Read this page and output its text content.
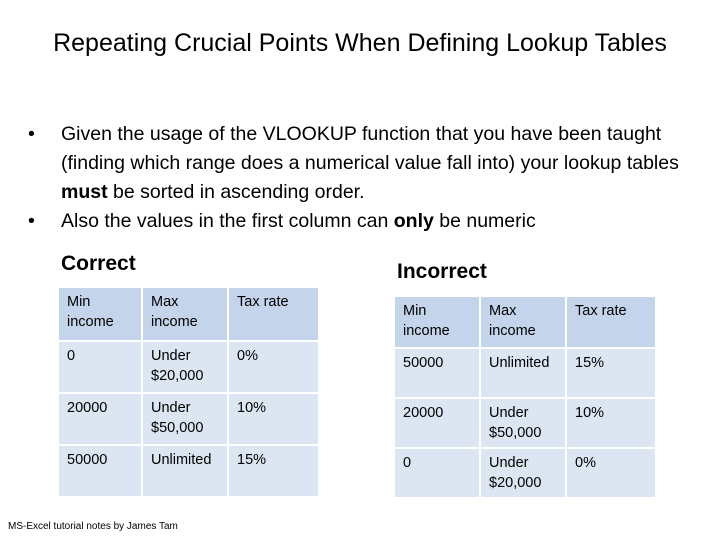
Repeating Crucial Points When Defining Lookup Tables
• Given the usage of the VLOOKUP function that you have been taught (finding which range does a numerical value fall into) your lookup tables must be sorted in ascending order.
• Also the values in the first column can only be numeric
Correct
Min income	Max income	Tax rate
0	Under $20,000	0%
20000	Under $50,000	10%
50000	Unlimited	15%
Incorrect
Min income	Max income	Tax rate
50000	Unlimited	15%
20000	Under $50,000	10%
0	Under $20,000	0%
MS-Excel tutorial notes by James Tam
